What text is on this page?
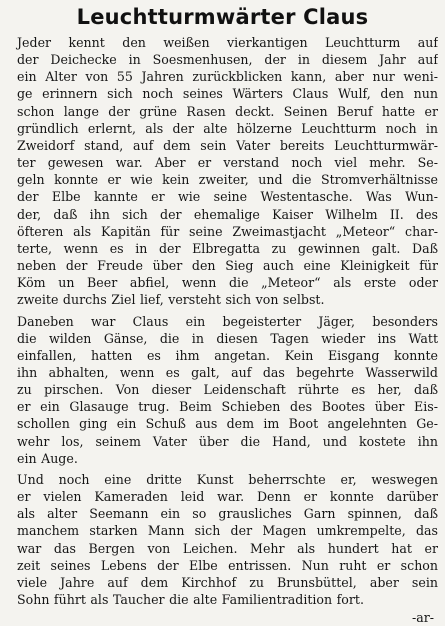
Leuchtturmwärter Claus
Jeder kennt den weißen vierkantigen Leuchtturm auf
der Deichecke in Soesmenhusen, der in diesem Jahr auf
ein Alter von 55 Jahren zurückblicken kann, aber nur weni-
ge erinnern sich noch seines Wärters Claus Wulf, den nun
schon lange der grüne Rasen deckt. Seinen Beruf hatte er
gründlich erlernt, als der alte hölzerne Leuchtturm noch in
Zweidorf stand, auf dem sein Vater bereits Leuchtturmwär-
ter gewesen war. Aber er verstand noch viel mehr. Se-
geln konnte er wie kein zweiter, und die Stromverhältnisse
der Elbe kannte er wie seine Westentasche. Was Wun-
der, daß ihn sich der ehemalige Kaiser Wilhelm II. des
öfteren als Kapitän für seine Zweimastjacht „Meteor“ char-
terte, wenn es in der Elbregatta zu gewinnen galt. Daß
neben der Freude über den Sieg auch eine Kleinigkeit für
Köm un Beer abfiel, wenn die „Meteor“ als erste oder
zweite durchs Ziel lief, versteht sich von selbst.
Daneben war Claus ein begeisterter Jäger, besonders
die wilden Gänse, die in diesen Tagen wieder ins Watt
einfallen, hatten es ihm angetan. Kein Eisgang konnte
ihn abhalten, wenn es galt, auf das begehrte Wasserwild
zu pirschen. Von dieser Leidenschaft rührte es her, daß
er ein Glasauge trug. Beim Schieben des Bootes über Eis-
schollen ging ein Schuß aus dem im Boot angelehnten Ge-
wehr los, seinem Vater über die Hand, und kostete ihn
ein Auge.
Und noch eine dritte Kunst beherrschte er, weswegen
er vielen Kameraden leid war. Denn er konnte darüber
als alter Seemann ein so grausliches Garn spinnen, daß
manchem starken Mann sich der Magen umkrempelte, das
war das Bergen von Leichen. Mehr als hundert hat er
zeit seines Lebens der Elbe entrissen. Nun ruht er schon
viele Jahre auf dem Kirchhof zu Brunsbüttel, aber sein
Sohn führt als Taucher die alte Familientradition fort.
-ar-
